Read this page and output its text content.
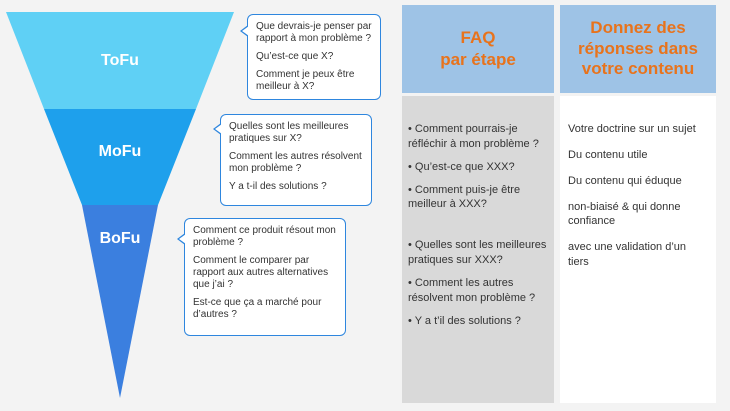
ToFu
MoFu
BoFu

Que devrais-je penser par rapport à mon problème ?

Qu’est-ce que X?

Comment je peux être meilleur à X?

Quelles sont les meilleures pratiques sur X?

Comment les autres résolvent mon problème ?

Y a t-il des solutions ?

Comment ce produit résout mon problème ?

Comment le comparer par rapport aux autres alternatives que j’ai ?

Est-ce que ça a marché pour d’autres ?

FAQ
par étape
Donnez des réponses dans votre contenu
• Comment pourrais-je réfléchir à mon problème ?
• Qu’est-ce que XXX?
• Comment puis-je être meilleur à XXX?
• Quelles sont les meilleures pratiques sur XXX?
• Comment les autres résolvent mon problème ?
• Y a t’il des solutions ?
Votre doctrine sur un sujet
Du contenu utile
Du contenu qui éduque
non-biaisé & qui donne confiance
avec une validation d’un tiers
